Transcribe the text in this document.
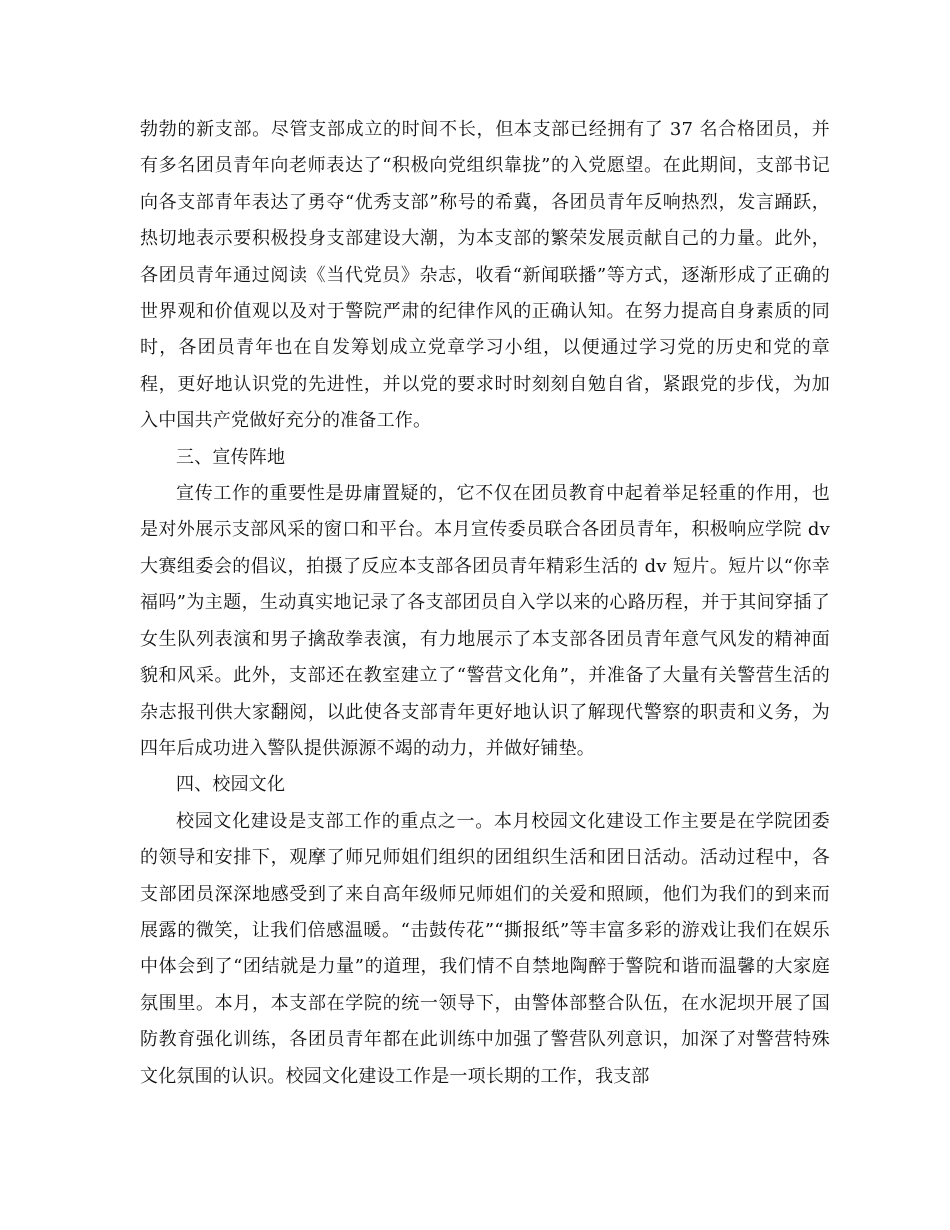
勃勃的新支部。尽管支部成立的时间不长，但本支部已经拥有了 37 名合格团员，并有多名团员青年向老师表达了“积极向党组织靠拢”的入党愿望。在此期间，支部书记向各支部青年表达了勇夺“优秀支部”称号的希冀，各团员青年反响热烈，发言踊跃，热切地表示要积极投身支部建设大潮，为本支部的繁荣发展贡献自己的力量。此外，各团员青年通过阅读《当代党员》杂志，收看“新闻联播”等方式，逐渐形成了正确的世界观和价值观以及对于警院严肃的纪律作风的正确认知。在努力提高自身素质的同时，各团员青年也在自发筹划成立党章学习小组，以便通过学习党的历史和党的章程，更好地认识党的先进性，并以党的要求时时刻刻自勉自省，紧跟党的步伐，为加入中国共产党做好充分的准备工作。

三、宣传阵地

宣传工作的重要性是毋庸置疑的，它不仅在团员教育中起着举足轻重的作用，也是对外展示支部风采的窗口和平台。本月宣传委员联合各团员青年，积极响应学院 dv 大赛组委会的倡议，拍摄了反应本支部各团员青年精彩生活的 dv 短片。短片以“你幸福吗”为主题，生动真实地记录了各支部团员自入学以来的心路历程，并于其间穿插了女生队列表演和男子擒敌拳表演，有力地展示了本支部各团员青年意气风发的精神面貌和风采。此外，支部还在教室建立了“警营文化角”，并准备了大量有关警营生活的杂志报刊供大家翻阅，以此使各支部青年更好地认识了解现代警察的职责和义务，为四年后成功进入警队提供源源不竭的动力，并做好铺垫。

四、校园文化

校园文化建设是支部工作的重点之一。本月校园文化建设工作主要是在学院团委的领导和安排下，观摩了师兄师姐们组织的团组织生活和团日活动。活动过程中，各支部团员深深地感受到了来自高年级师兄师姐们的关爱和照顾，他们为我们的到来而展露的微笑，让我们倍感温暖。“击鼓传花”“撕报纸”等丰富多彩的游戏让我们在娱乐中体会到了“团结就是力量”的道理，我们情不自禁地陶醉于警院和谐而温馨的大家庭氛围里。本月，本支部在学院的统一领导下，由警体部整合队伍，在水泥坝开展了国防教育强化训练，各团员青年都在此训练中加强了警营队列意识，加深了对警营特殊文化氛围的认识。校园文化建设工作是一项长期的工作，我支部
